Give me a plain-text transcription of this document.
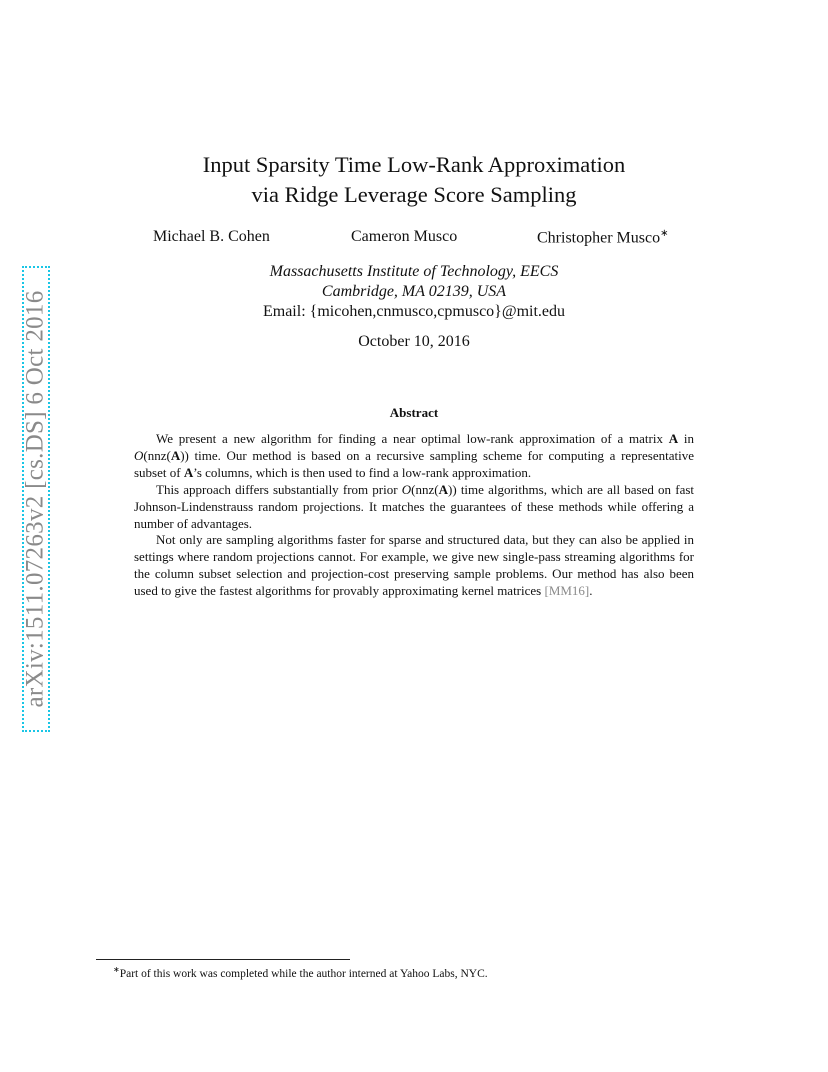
arXiv:1511.07263v2 [cs.DS] 6 Oct 2016
Input Sparsity Time Low-Rank Approximation
via Ridge Leverage Score Sampling
Michael B. Cohen	Cameron Musco	Christopher Musco∗
Massachusetts Institute of Technology, EECS
Cambridge, MA 02139, USA
Email: {micohen,cnmusco,cpmusco}@mit.edu
October 10, 2016
Abstract

We present a new algorithm for finding a near optimal low-rank approximation of a matrix A in O(nnz(A)) time. Our method is based on a recursive sampling scheme for computing a representative subset of A’s columns, which is then used to find a low-rank approximation.

This approach differs substantially from prior O(nnz(A)) time algorithms, which are all based on fast Johnson-Lindenstrauss random projections. It matches the guarantees of these methods while offering a number of advantages.

Not only are sampling algorithms faster for sparse and structured data, but they can also be applied in settings where random projections cannot. For example, we give new single-pass streaming algorithms for the column subset selection and projection-cost preserving sample problems. Our method has also been used to give the fastest algorithms for provably approximating kernel matrices [MM16].

∗Part of this work was completed while the author interned at Yahoo Labs, NYC.
